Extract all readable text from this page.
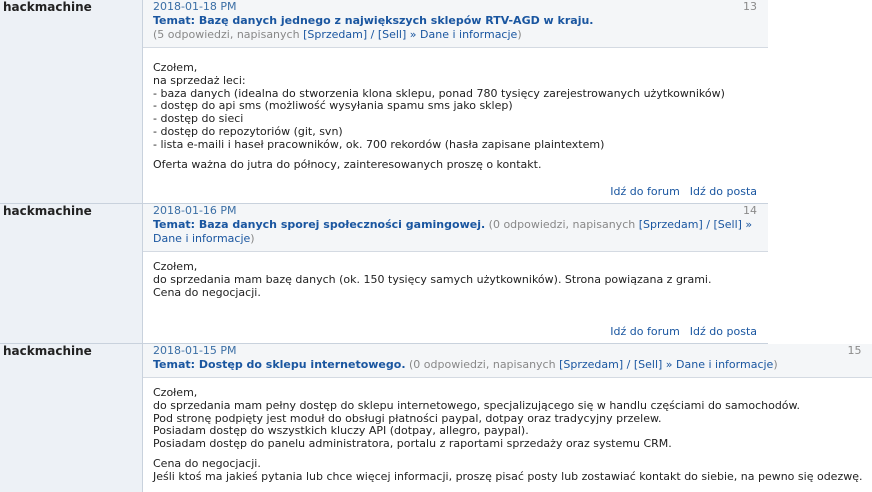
hackmachine	2018-01-18 PM	13
Temat: Bazę danych jednego z największych sklepów RTV-AGD w kraju.
(5 odpowiedzi, napisanych [Sprzedam] / [Sell] » Dane i informacje)
Czołem,
na sprzedaż leci:
- baza danych (idealna do stworzenia klona sklepu, ponad 780 tysięcy zarejestrowanych użytkowników)
- dostęp do api sms (możliwość wysyłania spamu sms jako sklep)
- dostęp do sieci
- dostęp do repozytoriów (git, svn)
- lista e-maili i haseł pracowników, ok. 700 rekordów (hasła zapisane plaintextem)
Oferta ważna do jutra do północy, zainteresowanych proszę o kontakt.
Idź do forum Idź do posta
hackmachine	2018-01-16 PM	14
Temat: Baza danych sporej społeczności gamingowej. (0 odpowiedzi, napisanych [Sprzedam] / [Sell] » Dane i informacje)
Czołem,
do sprzedania mam bazę danych (ok. 150 tysięcy samych użytkowników). Strona powiązana z grami.
Cena do negocjacji.
Idź do forum Idź do posta
hackmachine	2018-01-15 PM	15
Temat: Dostęp do sklepu internetowego. (0 odpowiedzi, napisanych [Sprzedam] / [Sell] » Dane i informacje)
Czołem,
do sprzedania mam pełny dostęp do sklepu internetowego, specjalizującego się w handlu częściami do samochodów.
Pod stronę podpięty jest moduł do obsługi płatności paypal, dotpay oraz tradycyjny przelew.
Posiadam dostęp do wszystkich kluczy API (dotpay, allegro, paypal).
Posiadam dostęp do panelu administratora, portalu z raportami sprzedaży oraz systemu CRM.
Cena do negocjacji.
Jeśli ktoś ma jakieś pytania lub chce więcej informacji, proszę pisać posty lub zostawiać kontakt do siebie, na pewno się odezwę.
